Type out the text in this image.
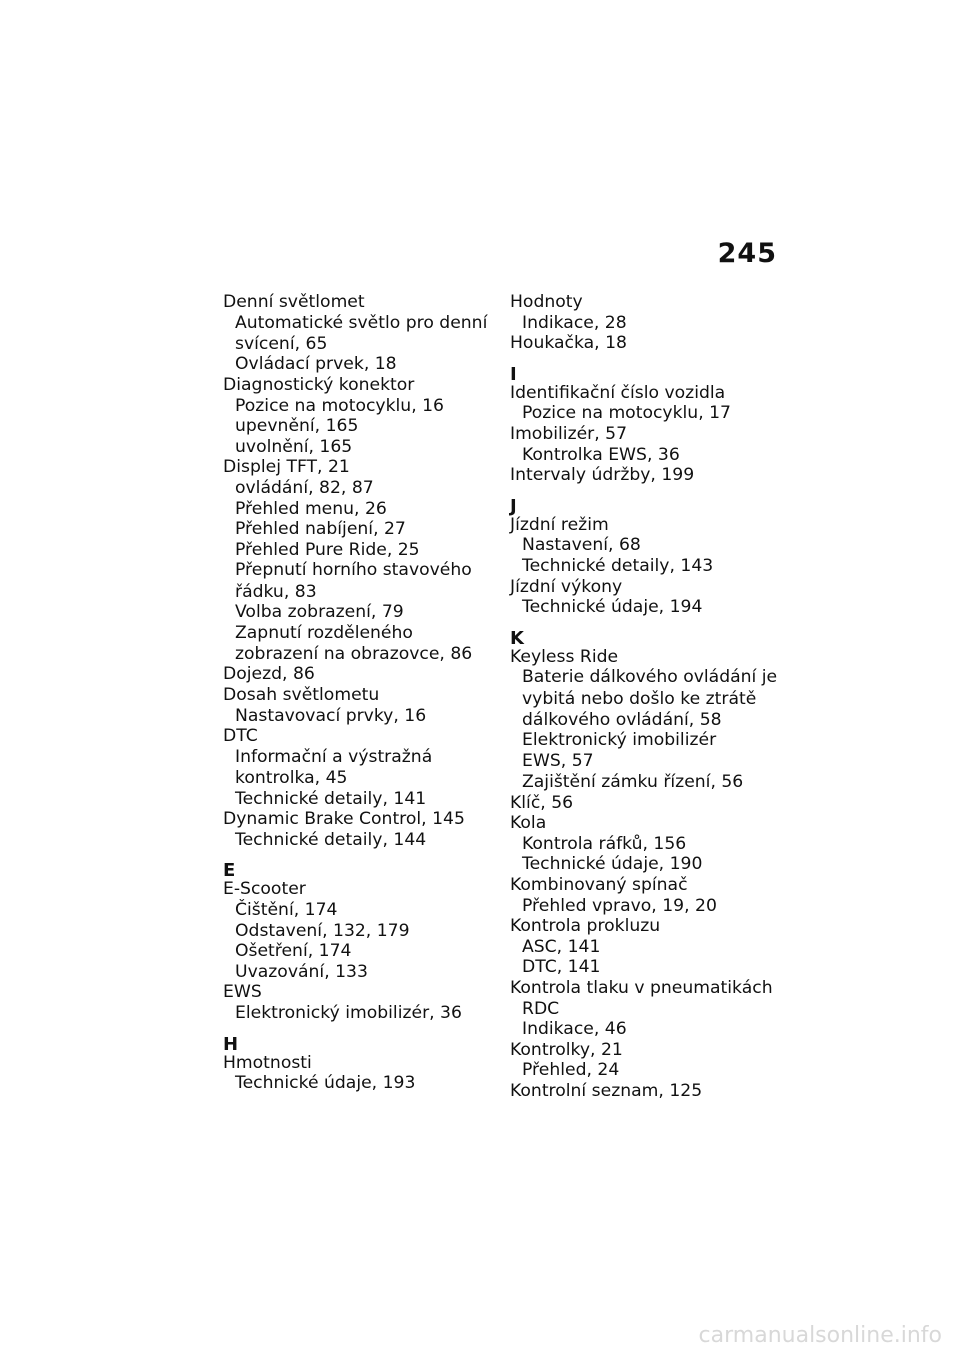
245
Denní světlomet
Automatické světlo pro denní
svícení, 65
Ovládací prvek, 18
Diagnostický konektor
Pozice na motocyklu, 16
upevnění, 165
uvolnění, 165
Displej TFT, 21
ovládání, 82, 87
Přehled menu, 26
Přehled nabíjení, 27
Přehled Pure Ride, 25
Přepnutí horního stavového
řádku, 83
Volba zobrazení, 79
Zapnutí rozděleného
zobrazení na obrazovce, 86
Dojezd, 86
Dosah světlometu
Nastavovací prvky, 16
DTC
Informační a výstražná
kontrolka, 45
Technické detaily, 141
Dynamic Brake Control, 145
Technické detaily, 144
E
E-Scooter
Čištění, 174
Odstavení, 132, 179
Ošetření, 174
Uvazování, 133
EWS
Elektronický imobilizér, 36
H
Hmotnosti
Technické údaje, 193
Hodnoty
Indikace, 28
Houkačka, 18
I
Identifikační číslo vozidla
Pozice na motocyklu, 17
Imobilizér, 57
Kontrolka EWS, 36
Intervaly údržby, 199
J
Jízdní režim
Nastavení, 68
Technické detaily, 143
Jízdní výkony
Technické údaje, 194
K
Keyless Ride
Baterie dálkového ovládání je
vybitá nebo došlo ke ztrátě
dálkového ovládání, 58
Elektronický imobilizér
EWS, 57
Zajištění zámku řízení, 56
Klíč, 56
Kola
Kontrola ráfků, 156
Technické údaje, 190
Kombinovaný spínač
Přehled vpravo, 19, 20
Kontrola prokluzu
ASC, 141
DTC, 141
Kontrola tlaku v pneumatikách
RDC
Indikace, 46
Kontrolky, 21
Přehled, 24
Kontrolní seznam, 125
carmanualsonline.info
